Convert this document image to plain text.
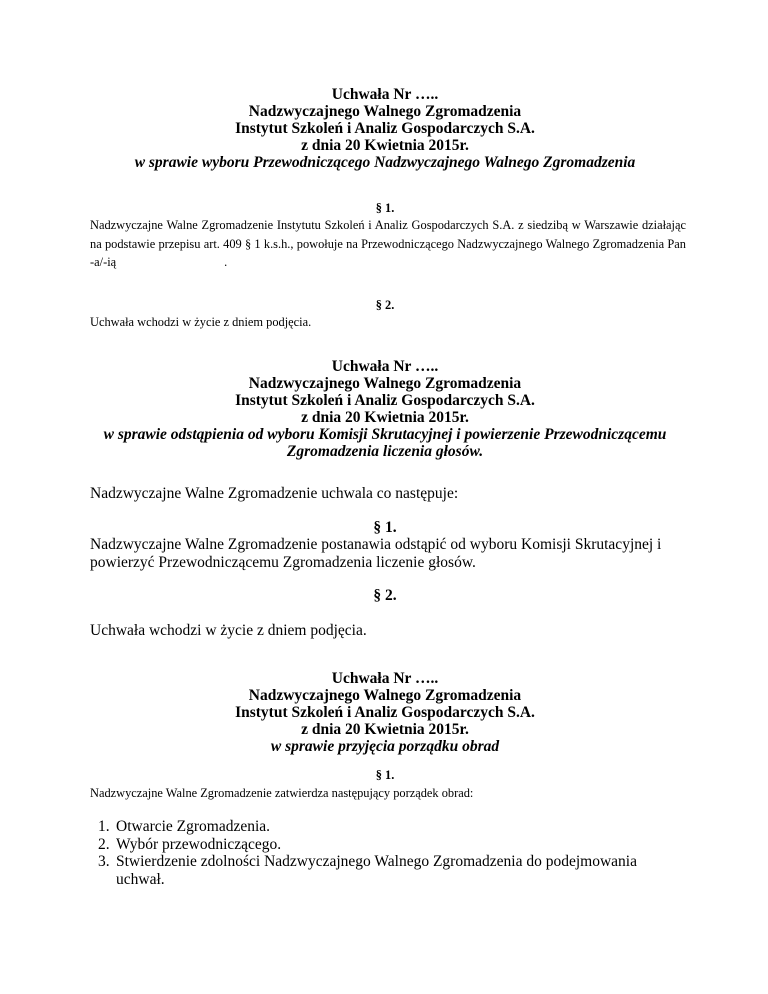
Uchwała Nr …..
Nadzwyczajnego Walnego Zgromadzenia
Instytut Szkoleń i Analiz Gospodarczych S.A.
z dnia 20 Kwietnia 2015r.
w sprawie wyboru Przewodniczącego Nadzwyczajnego Walnego Zgromadzenia
§ 1.
Nadzwyczajne Walne Zgromadzenie Instytutu Szkoleń i Analiz Gospodarczych S.A. z siedzibą w Warszawie działając na podstawie przepisu art. 409 § 1 k.s.h., powołuje na Przewodniczącego Nadzwyczajnego Walnego Zgromadzenia Pan -a/-ią	.
§ 2.
Uchwała wchodzi w życie z dniem podjęcia.
Uchwała Nr …..
Nadzwyczajnego Walnego Zgromadzenia
Instytut Szkoleń i Analiz Gospodarczych S.A.
z dnia 20 Kwietnia 2015r.
w sprawie odstąpienia od wyboru Komisji Skrutacyjnej i powierzenie Przewodniczącemu
Zgromadzenia liczenia głosów.
Nadzwyczajne Walne Zgromadzenie uchwala co następuje:
§ 1.
Nadzwyczajne Walne Zgromadzenie postanawia odstąpić od wyboru Komisji Skrutacyjnej i
powierzyć Przewodniczącemu Zgromadzenia liczenie głosów.
§ 2.
Uchwała wchodzi w życie z dniem podjęcia.
Uchwała Nr …..
Nadzwyczajnego Walnego Zgromadzenia
Instytut Szkoleń i Analiz Gospodarczych S.A.
z dnia 20 Kwietnia 2015r.
w sprawie przyjęcia porządku obrad
§ 1.
Nadzwyczajne Walne Zgromadzenie zatwierdza następujący porządek obrad:
1. Otwarcie Zgromadzenia.
2. Wybór przewodniczącego.
3. Stwierdzenie zdolności Nadzwyczajnego Walnego Zgromadzenia do podejmowania uchwał.
